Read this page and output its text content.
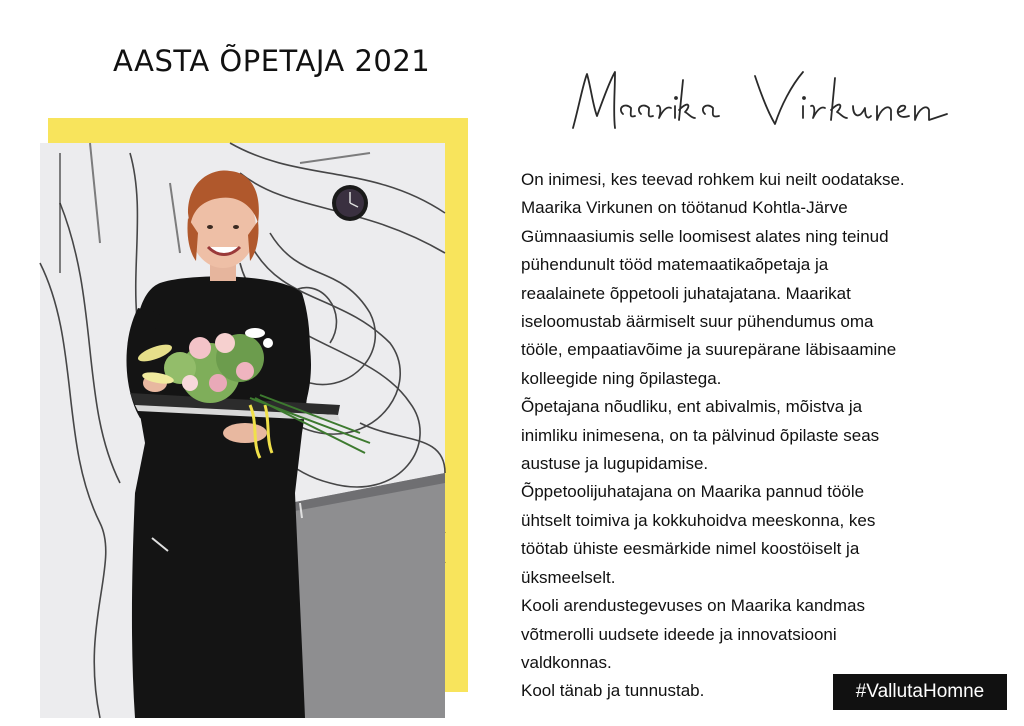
AASTA ÕPETAJA 2021	Maarika Virkunen

On inimesi, kes teevad rohkem kui neilt oodatakse.
Maarika Virkunen on töötanud Kohtla-Järve
Gümnaasiumis selle loomisest alates ning teinud
pühendunult tööd matemaatikaõpetaja ja
reaalainete õppetooli juhatajatana. Maarikat
iseloomustab äärmiselt suur pühendumus oma
tööle, empaatiavõime ja suurepärane läbisaamine
kolleegide ning õpilastega.

Õpetajana nõudliku, ent abivalmis, mõistva ja
inimliku inimesena, on ta pälvinud õpilaste seas
austuse ja lugupidamise.

Õppetoolijuhatajana on Maarika pannud tööle
ühtselt toimiva ja kokkuhoidva meeskonna, kes
töötab ühiste eesmärkide nimel koostöiselt ja
üksmeelselt.

Kooli arendustegevuses on Maarika kandmas
võtmerolli uudsete ideede ja innovatsiooni
valdkonnas.

Kool tänab ja tunnustab.	#VallutaHomne
